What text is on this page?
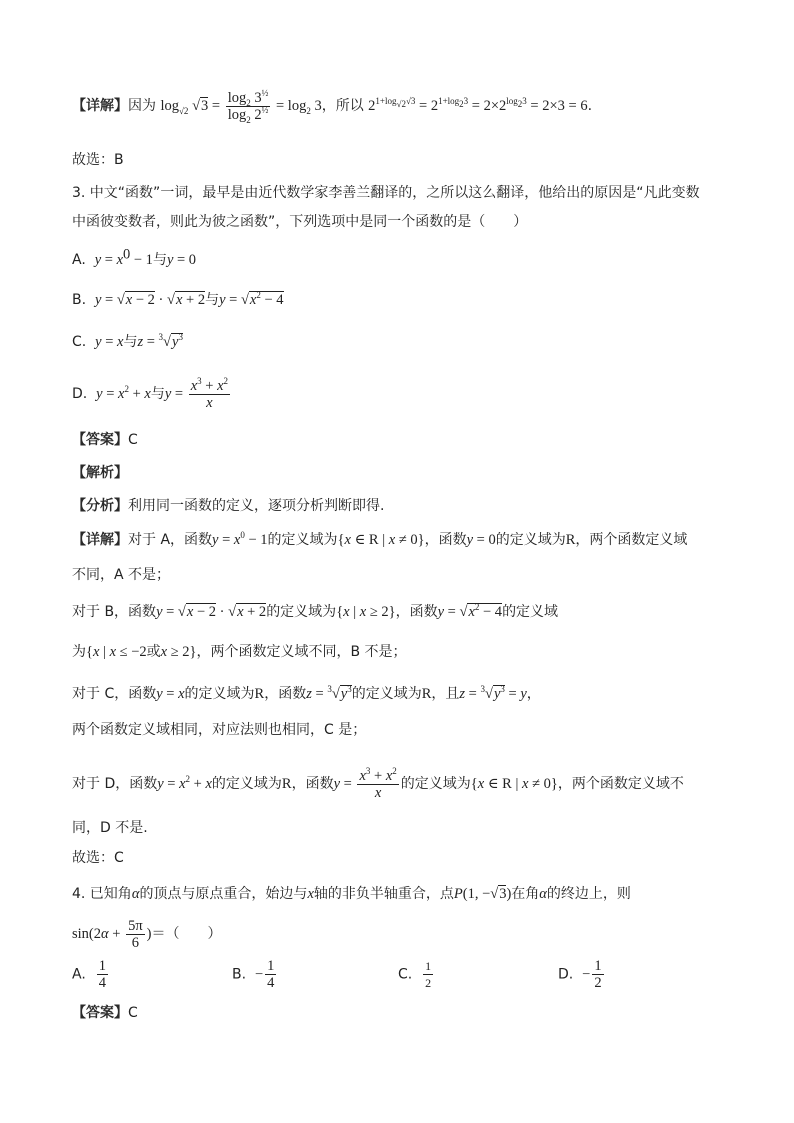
【详解】因为 $\log_{√2} √3 = \frac{\log_2 3^{\frac{1}{2}}}{\log_2 2^{\frac{1}{2}}} = \log_2 3$，所以 $2^{1+log_{√2}√3} = 2^{1+log_23} = 2\times 2^{log_23} = 2\times 3 = 6$.
故选：B
3. 中文“函数”一词，最早是由近代数学家李善兰翻译的，之所以这么翻译，他给出的原因是“凡此变数
中函彼变数者，则此为彼之函数”，下列选项中是同一个函数的是（　　）
A. $y = x^0 - 1$与y = 0
B. y = √x − 2 · √x + 2与$y = √x^2 - 4$
C. y = x与$z = ^3√y^3$
D. $y = x^2 + x$与$y = \frac{x^3 + x^2}{x}$
【答案】C
【解析】
【分析】利用同一函数的定义，逐项分析判断即得.
【详解】对于 A，函数$y = x^0 - 1$的定义域为{x ∈ R | x ≠ 0}，函数y = 0的定义域为R，两个函数定义域
不同，A 不是；
对于 B，函数y = √x − 2 · √x + 2的定义域为{x | x ≥ 2}，函数$y = √x^2 - 4$的定义域
为{x | x ≤ −2或x ≥ 2}，两个函数定义域不同，B 不是；
对于 C，函数y = x的定义域为R，函数$z = ^3√y^3$的定义域为R，且$z = ^3√y^3 = y$，
两个函数定义域相同，对应法则也相同，C 是；
对于 D，函数$y = x^2 + x$的定义域为R，函数$y = \frac{x^3 + x^2}{x}$ 的定义域为{x ∈ R | x ≠ 0}，两个函数定义域不
同，D 不是.
故选：C
4. 已知角α的顶点与原点重合，始边与x轴的非负半轴重合，点P(1, −√3)在角α的终边上，则
$\sin(2\alpha + \frac{5\pi}{6}$ )＝（　　）
A. $\frac{1}{4}$	B. − $\frac{1}{4}$	C. $\frac{1}{2}$	D. − $\frac{1}{2}$
【答案】C
